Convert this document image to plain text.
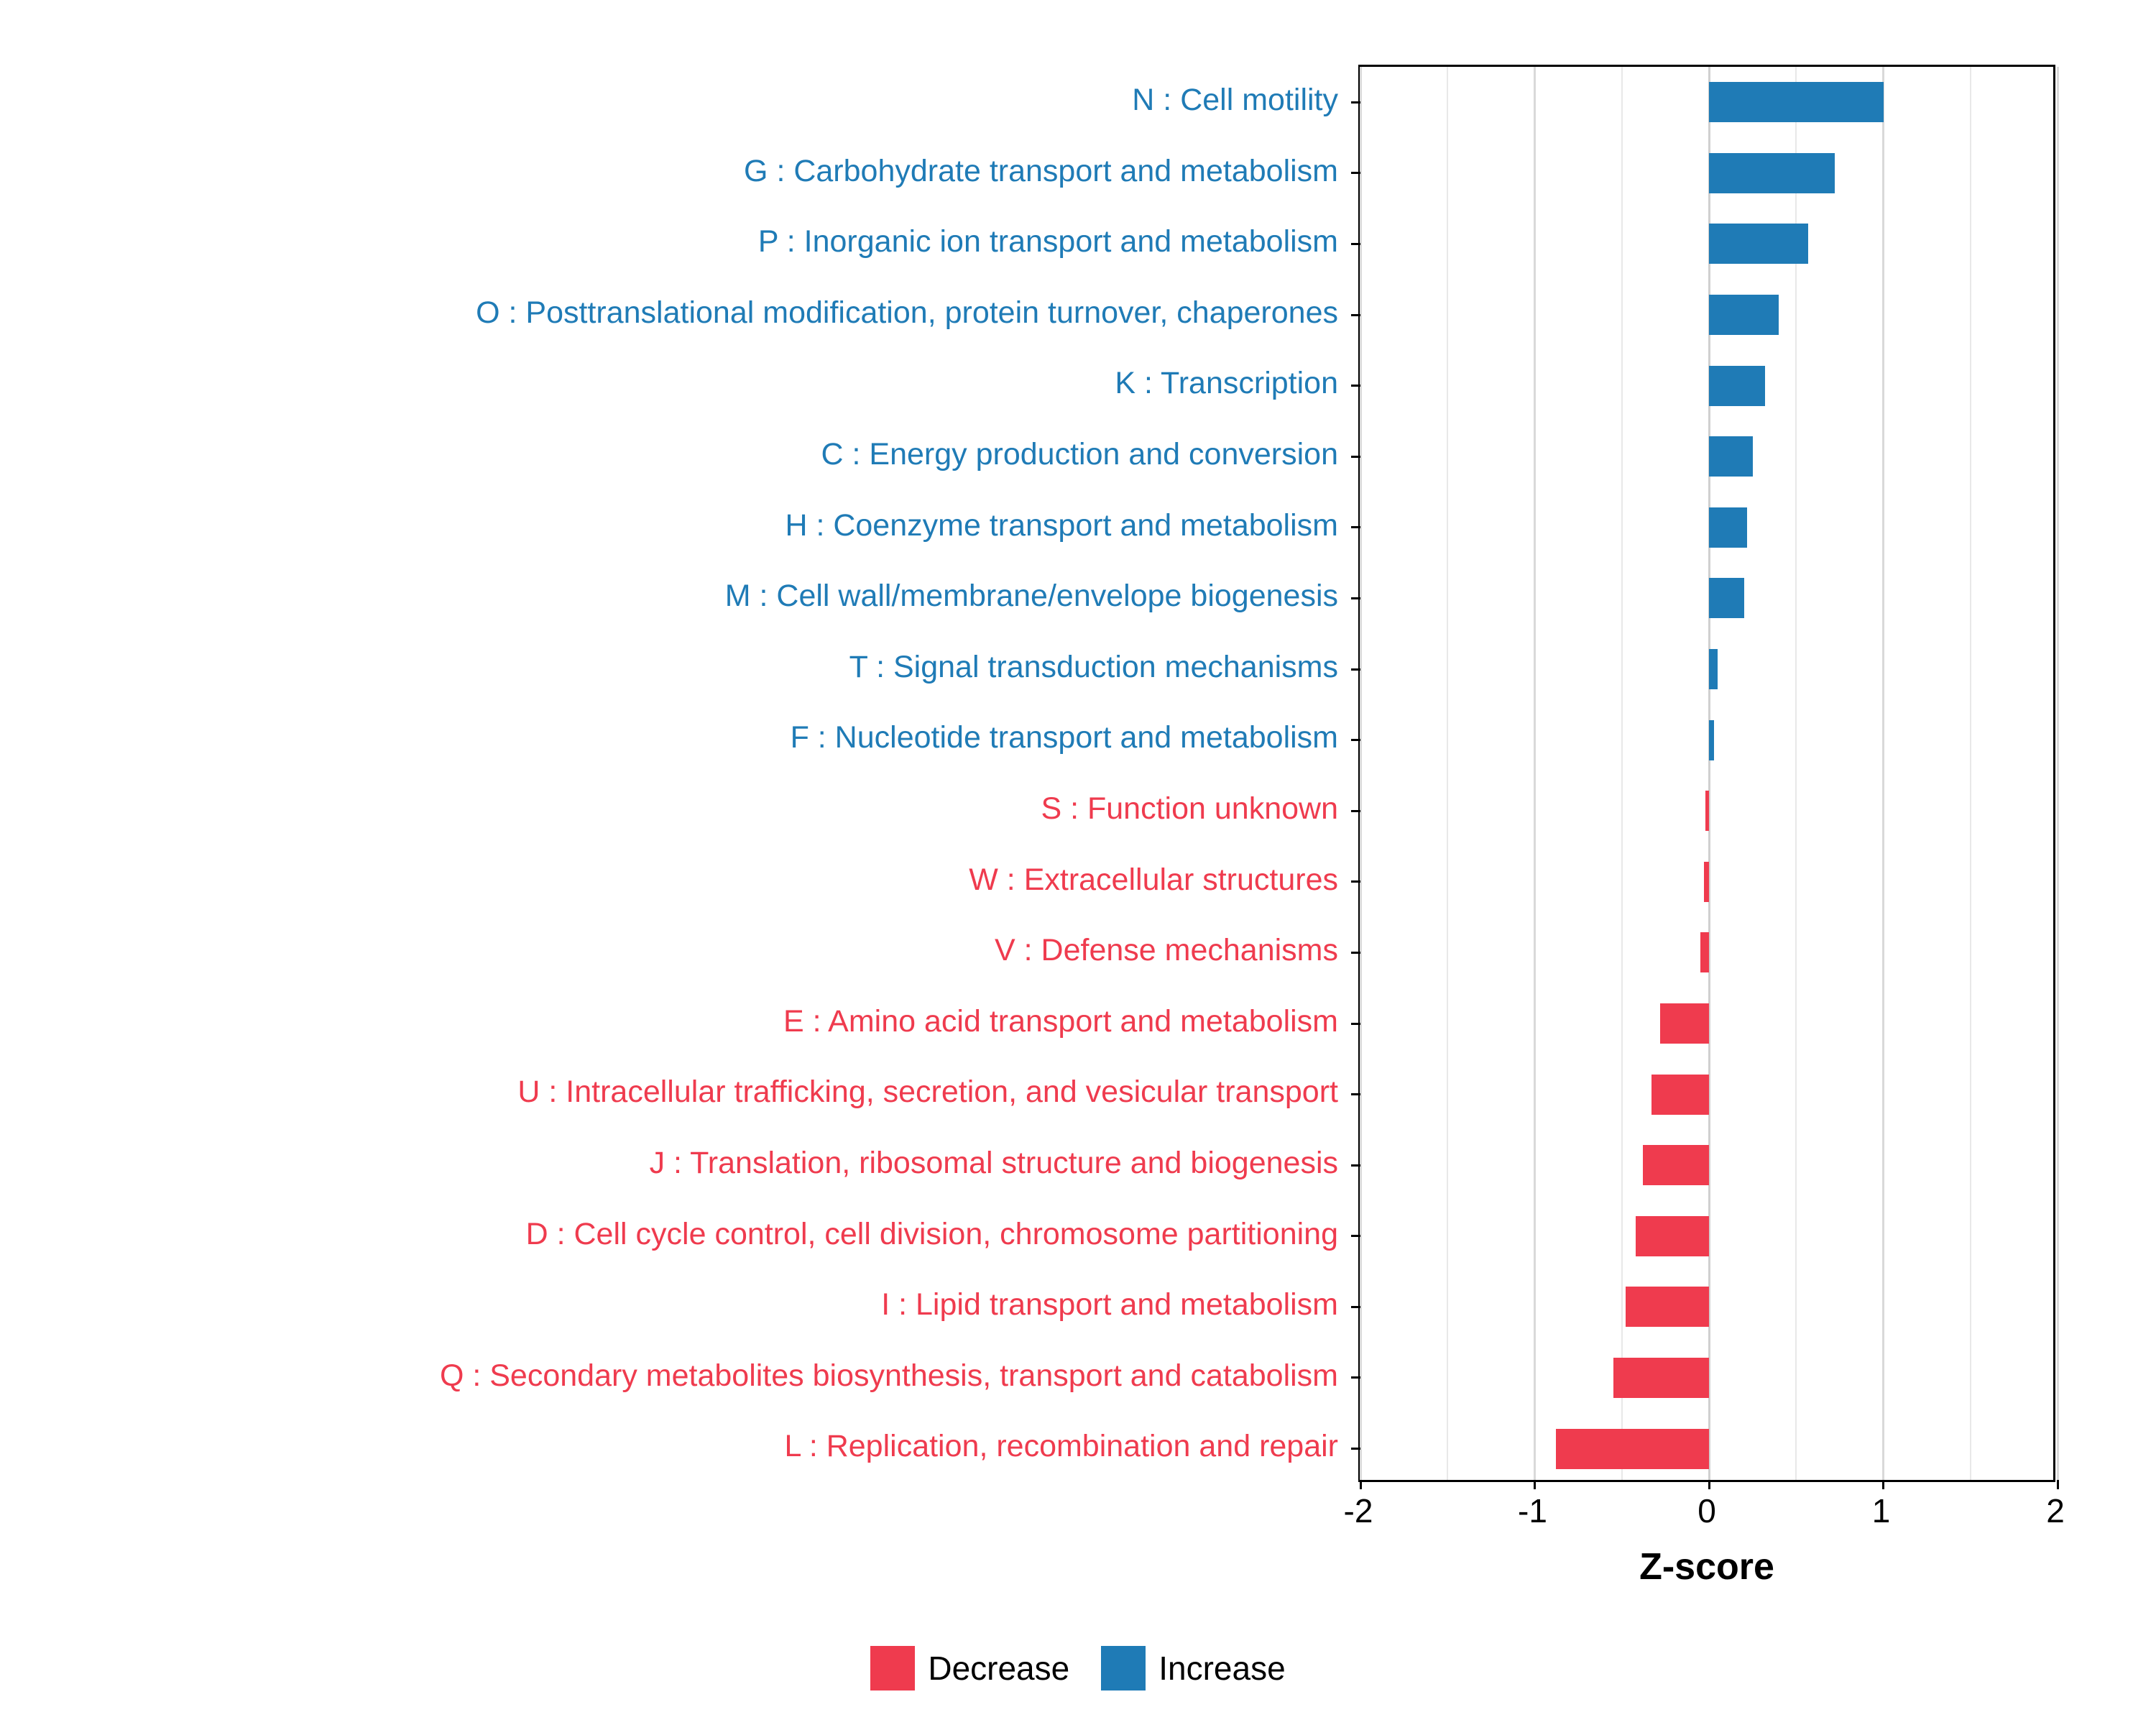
N : Cell motility
G : Carbohydrate transport and metabolism
P : Inorganic ion transport and metabolism
O : Posttranslational modification, protein turnover, chaperones
K : Transcription
C : Energy production and conversion
H : Coenzyme transport and metabolism
M : Cell wall/membrane/envelope biogenesis
T : Signal transduction mechanisms
F : Nucleotide transport and metabolism
S : Function unknown
W : Extracellular structures
V : Defense mechanisms
E : Amino acid transport and metabolism
U : Intracellular trafficking, secretion, and vesicular transport
J : Translation, ribosomal structure and biogenesis
D : Cell cycle control, cell division, chromosome partitioning
I : Lipid transport and metabolism
Q : Secondary metabolites biosynthesis, transport and catabolism
L : Replication, recombination and repair
-2	-1	0	1	2
Z-score
Decrease	Increase
